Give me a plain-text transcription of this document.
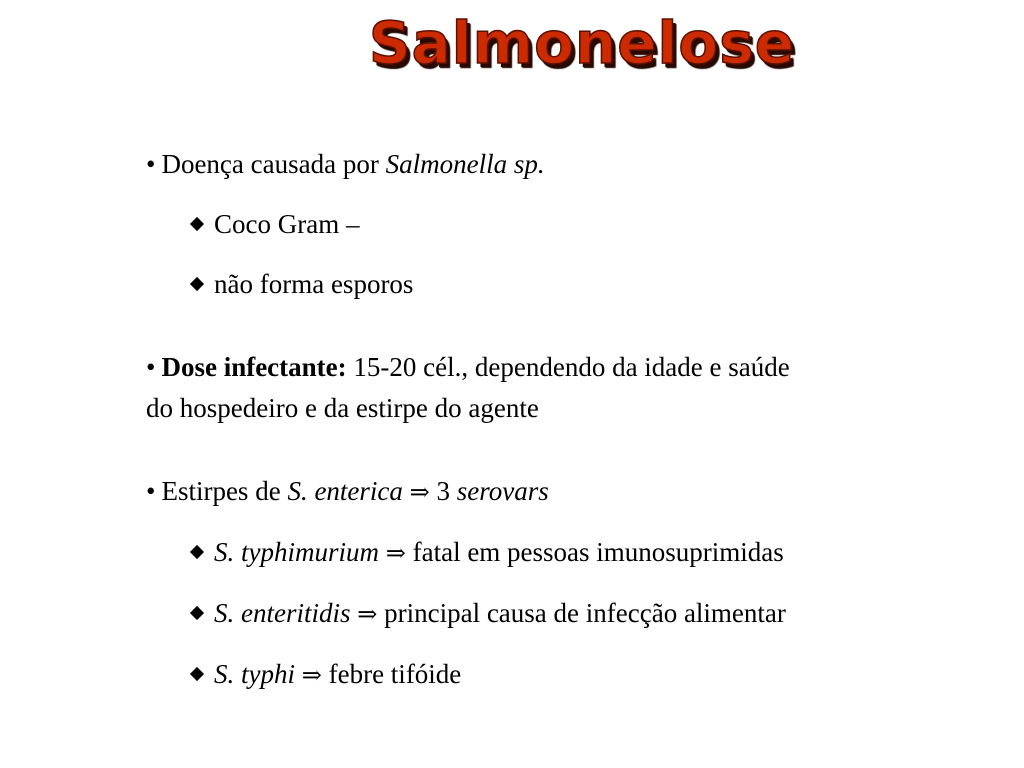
Salmonelose
• Doença causada por Salmonella sp.
Coco Gram –
não forma esporos
• Dose infectante: 15-20 cél., dependendo da idade e saúde
do hospedeiro e da estirpe do agente
• Estirpes de S. enterica ⇒ 3 serovars
S. typhimurium ⇒ fatal em pessoas imunosuprimidas
S. enteritidis ⇒ principal causa de infecção alimentar
S. typhi ⇒ febre tifóide
